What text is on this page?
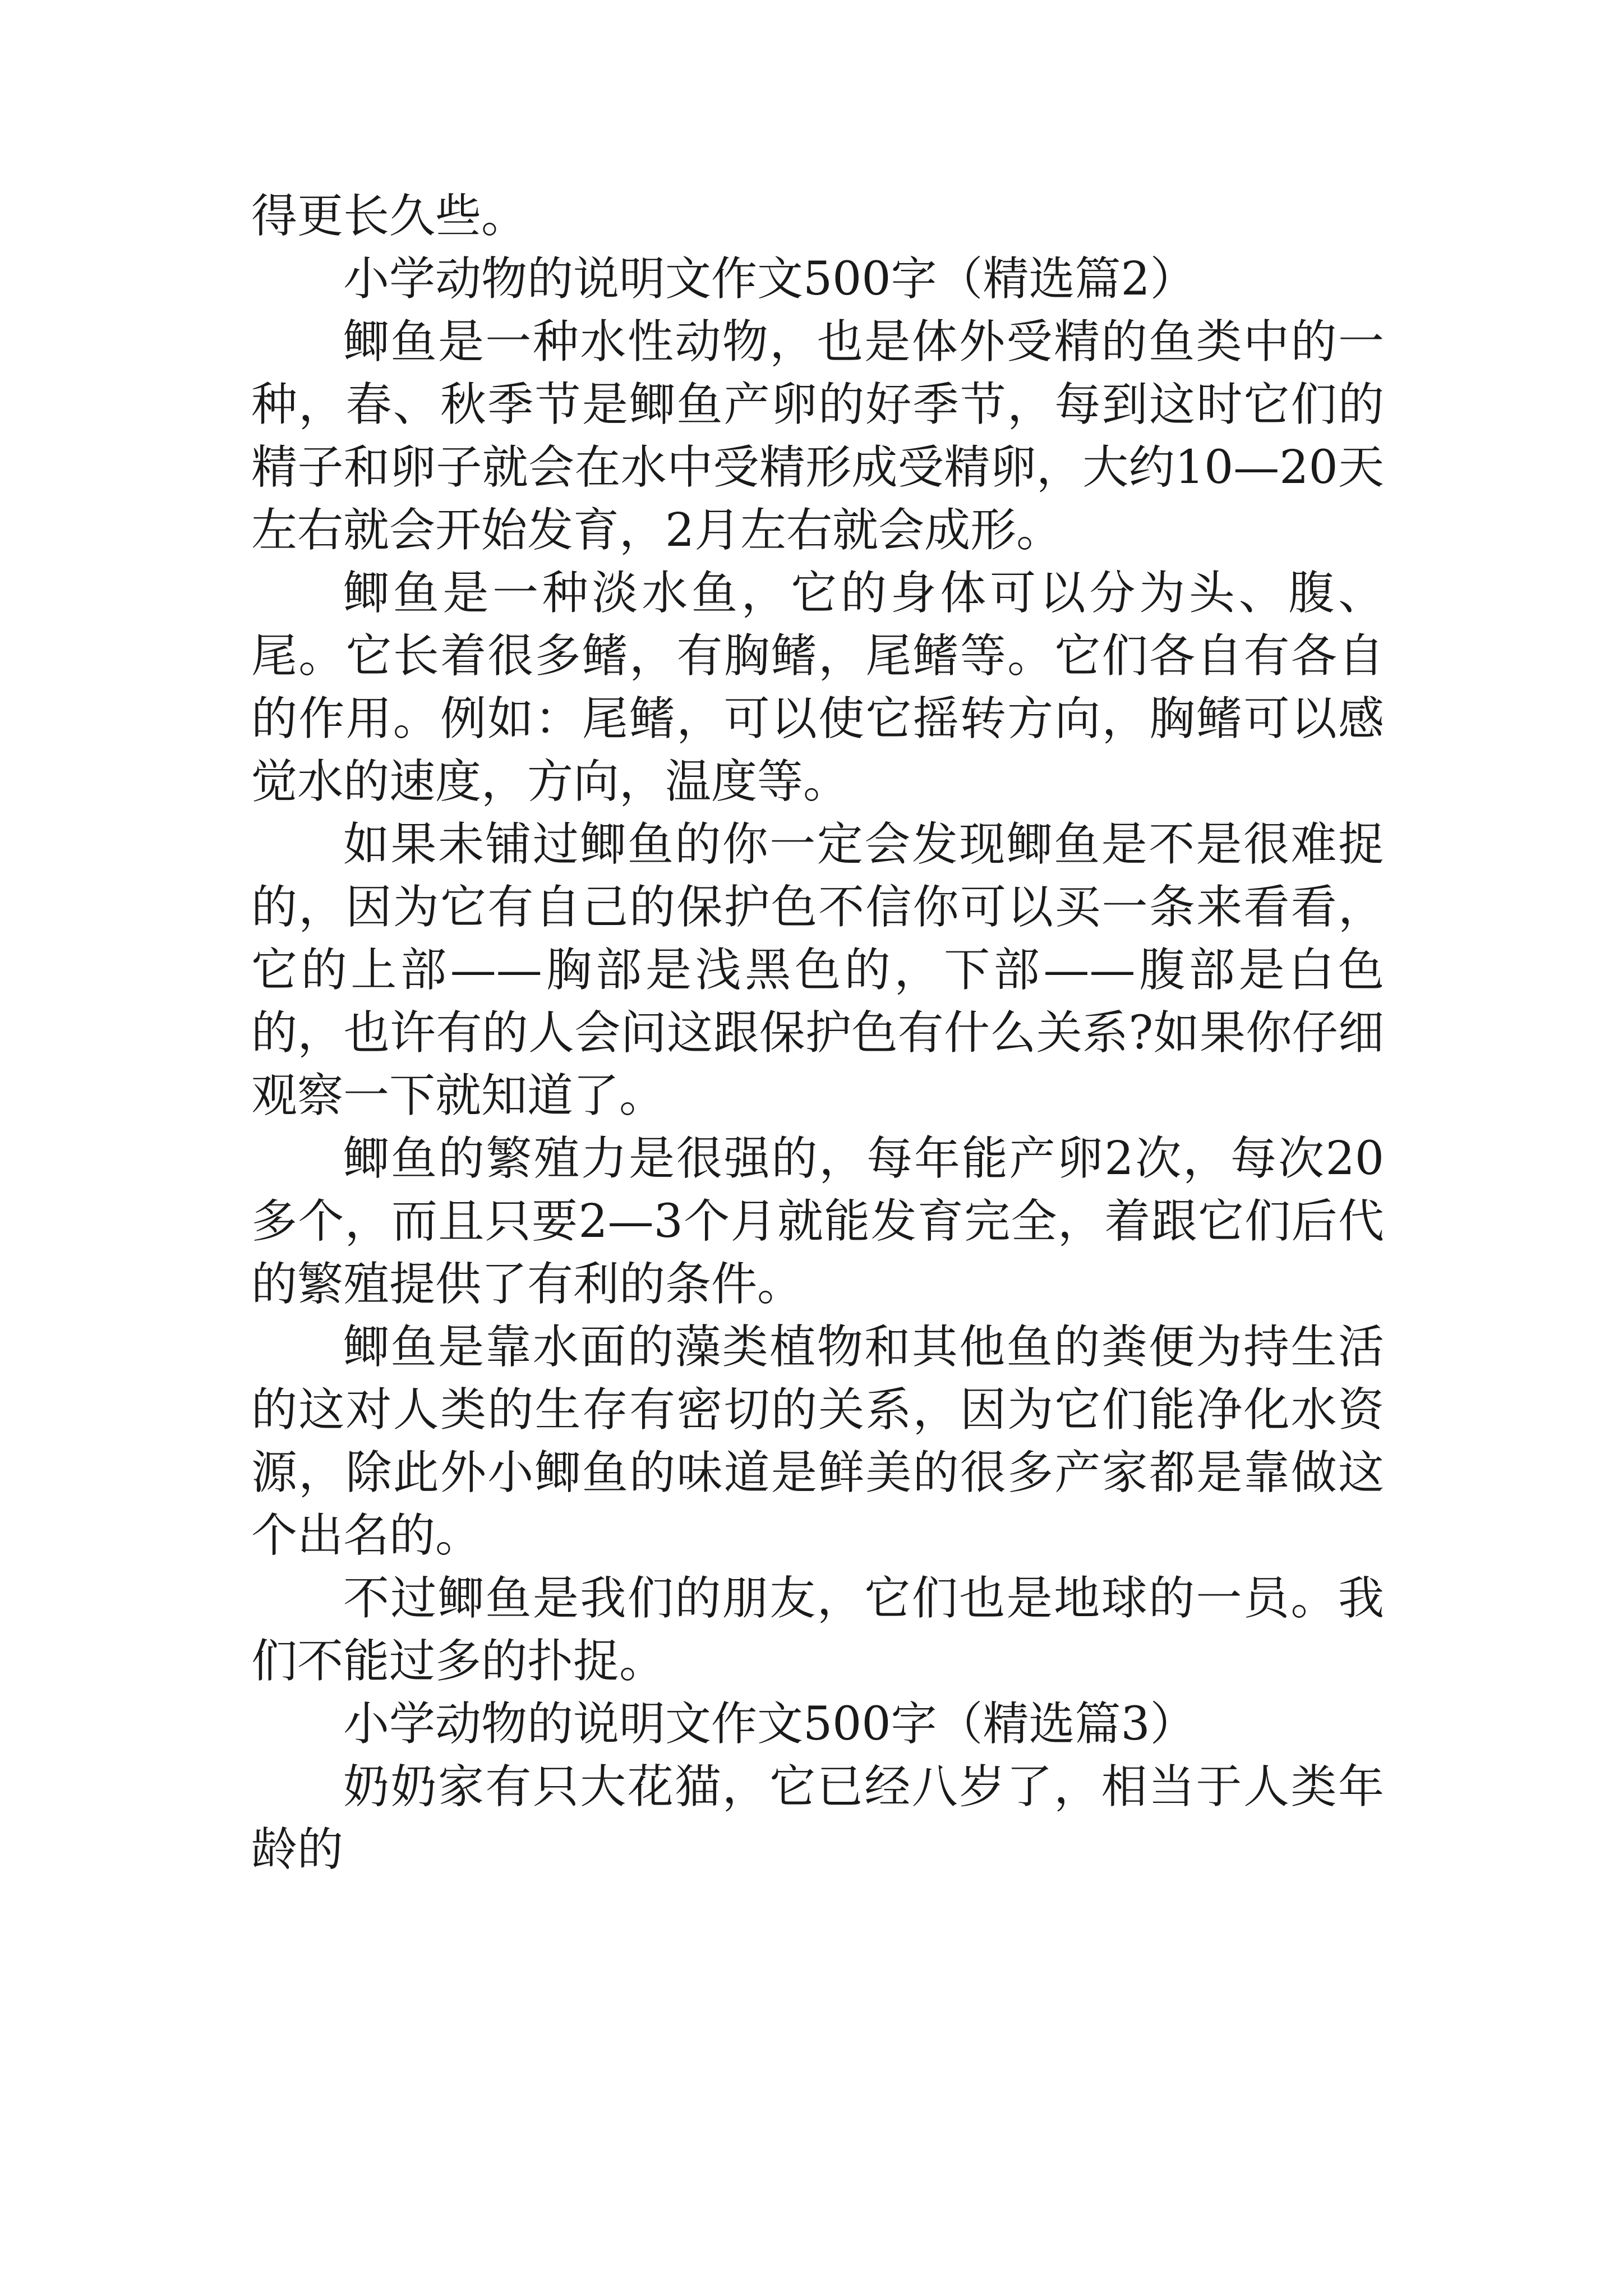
得更长久些。

小学动物的说明文作文500字（精选篇2）

鲫鱼是一种水性动物，也是体外受精的鱼类中的一种，春、秋季节是鲫鱼产卵的好季节，每到这时它们的精子和卵子就会在水中受精形成受精卵，大约10—20天左右就会开始发育，2月左右就会成形。

鲫鱼是一种淡水鱼，它的身体可以分为头、腹、尾。它长着很多鳍，有胸鳍，尾鳍等。它们各自有各自的作用。例如：尾鳍，可以使它摇转方向，胸鳍可以感觉水的速度，方向，温度等。

如果未铺过鲫鱼的你一定会发现鲫鱼是不是很难捉的，因为它有自己的保护色不信你可以买一条来看看，它的上部——胸部是浅黑色的，下部——腹部是白色的，也许有的人会问这跟保护色有什么关系?如果你仔细观察一下就知道了。

鲫鱼的繁殖力是很强的，每年能产卵2次，每次20多个，而且只要2—3个月就能发育完全，着跟它们后代的繁殖提供了有利的条件。

鲫鱼是靠水面的藻类植物和其他鱼的粪便为持生活的这对人类的生存有密切的关系，因为它们能净化水资源，除此外小鲫鱼的味道是鲜美的很多产家都是靠做这个出名的。

不过鲫鱼是我们的朋友，它们也是地球的一员。我们不能过多的扑捉。

小学动物的说明文作文500字（精选篇3）

奶奶家有只大花猫，它已经八岁了，相当于人类年龄的
